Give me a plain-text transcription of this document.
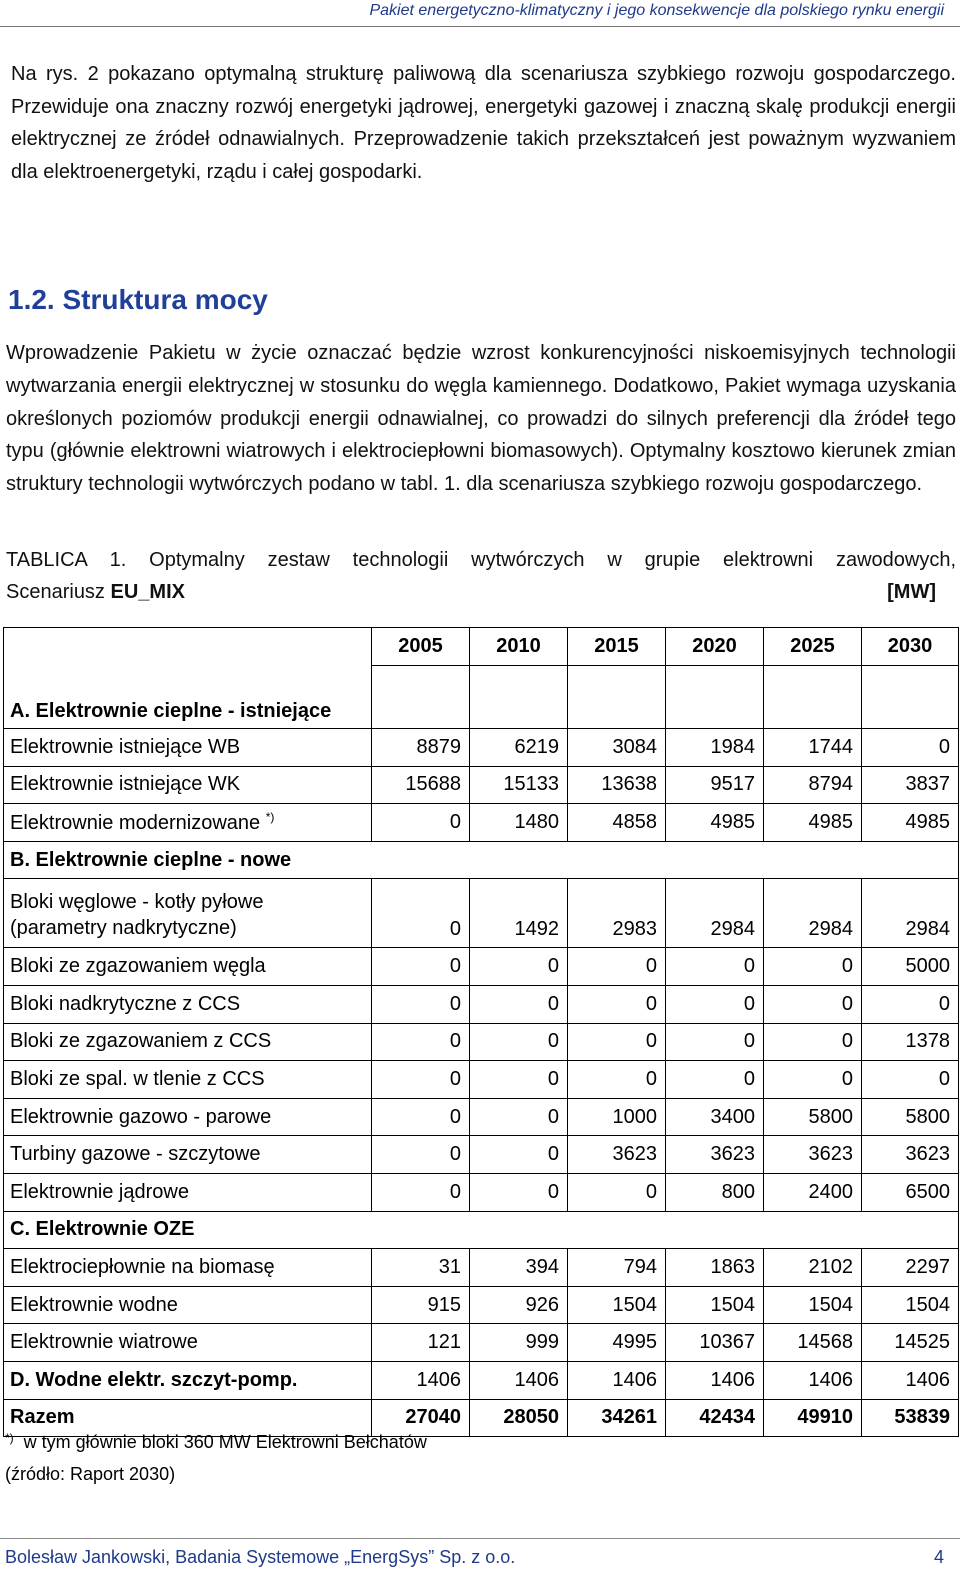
Pakiet energetyczno-klimatyczny i jego konsekwencje dla polskiego rynku energii
Na rys. 2 pokazano optymalną strukturę paliwową dla scenariusza szybkiego rozwoju gospodarczego. Przewiduje ona znaczny rozwój energetyki jądrowej, energetyki gazowej i znaczną skalę produkcji energii elektrycznej ze źródeł odnawialnych. Przeprowadzenie takich przekształceń jest poważnym wyzwaniem dla elektroenergetyki, rządu i całej gospodarki.
1.2. Struktura mocy
Wprowadzenie Pakietu w życie oznaczać będzie wzrost konkurencyjności niskoemisyjnych technologii wytwarzania energii elektrycznej w stosunku do węgla kamiennego. Dodatkowo, Pakiet wymaga uzyskania określonych poziomów produkcji energii odnawialnej, co prowadzi do silnych preferencji dla źródeł tego typu (głównie elektrowni wiatrowych i elektrociepłowni biomasowych). Optymalny kosztowo kierunek zmian struktury technologii wytwórczych podano w tabl. 1. dla scenariusza szybkiego rozwoju gospodarczego.
TABLICA 1. Optymalny zestaw technologii wytwórczych w grupie elektrowni zawodowych,
Scenariusz EU_MIX	[MW]
A. Elektrownie cieplne - istniejące	2005	2010	2015	2020	2025	2030

Elektrownie istniejące WB	8879	6219	3084	1984	1744	0
Elektrownie istniejące WK	15688	15133	13638	9517	8794	3837
Elektrownie modernizowane *)	0	1480	4858	4985	4985	4985
B. Elektrownie cieplne - nowe						

Bloki węglowe - kotły pyłowe
(parametry nadkrytyczne)	0	1492	2983	2984	2984	2984
Bloki ze zgazowaniem węgla	0	0	0	0	0	5000
Bloki nadkrytyczne z CCS	0	0	0	0	0	0
Bloki ze zgazowaniem z CCS	0	0	0	0	0	1378
Bloki ze spal. w tlenie z CCS	0	0	0	0	0	0
Elektrownie gazowo - parowe	0	0	1000	3400	5800	5800
Turbiny gazowe - szczytowe	0	0	3623	3623	3623	3623
Elektrownie jądrowe	0	0	0	800	2400	6500
C. Elektrownie OZE						
Elektrociepłownie na biomasę	31	394	794	1863	2102	2297
Elektrownie wodne	915	926	1504	1504	1504	1504
Elektrownie wiatrowe	121	999	4995	10367	14568	14525
D. Wodne elektr. szczyt-pomp.	1406	1406	1406	1406	1406	1406
Razem	27040	28050	34261	42434	49910	53839
*) w tym głównie bloki 360 MW Elektrowni Bełchatów
(źródło: Raport 2030)
Bolesław Jankowski, Badania Systemowe „EnergSys” Sp. z o.o.	4
